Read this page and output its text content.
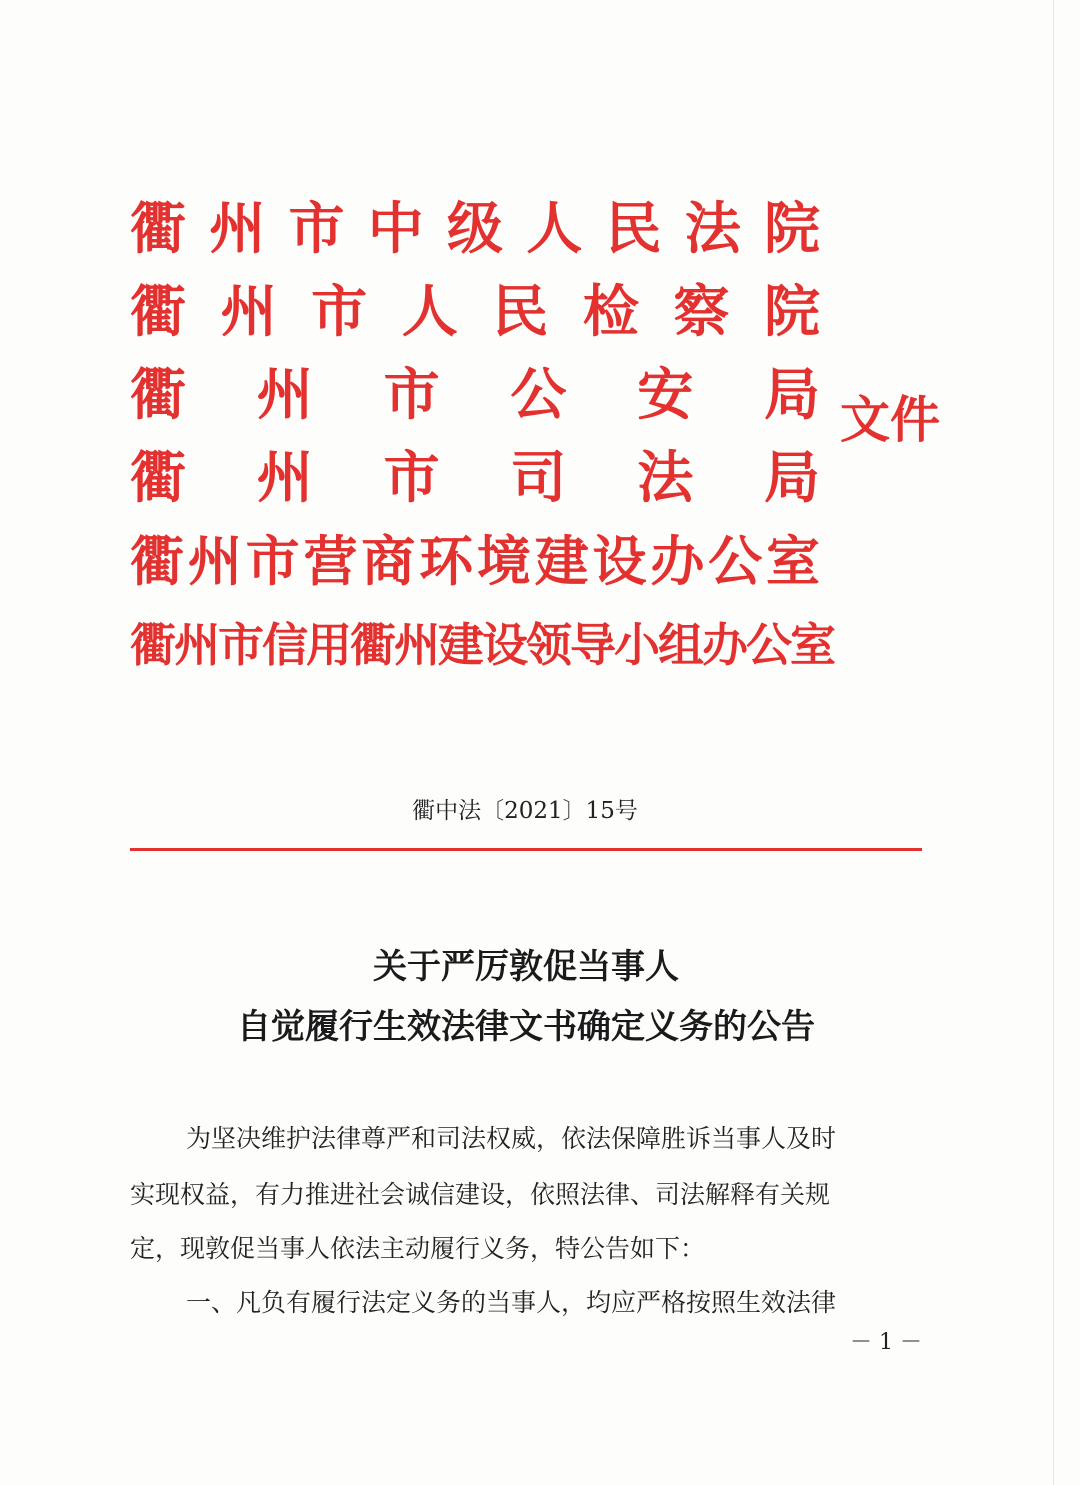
衢 州 市 中 级 人 民 法 院
衢 州 市 人 民 检 察 院
衢 州 市 公 安 局
衢 州 市 司 法 局
衢 州 市 营 商 环 境 建 设 办 公 室
衢 州 市 信 用 衢 州 建 设 领 导 小 组 办 公 室
文件
衢中法〔2021〕15号
关于严厉敦促当事人
自觉履行生效法律文书确定义务的公告
为坚决维护法律尊严和司法权威，依法保障胜诉当事人及时
实现权益，有力推进社会诚信建设，依照法律、司法解释有关规
定，现敦促当事人依法主动履行义务，特公告如下：
一、凡负有履行法定义务的当事人，均应严格按照生效法律
－ 1 －
